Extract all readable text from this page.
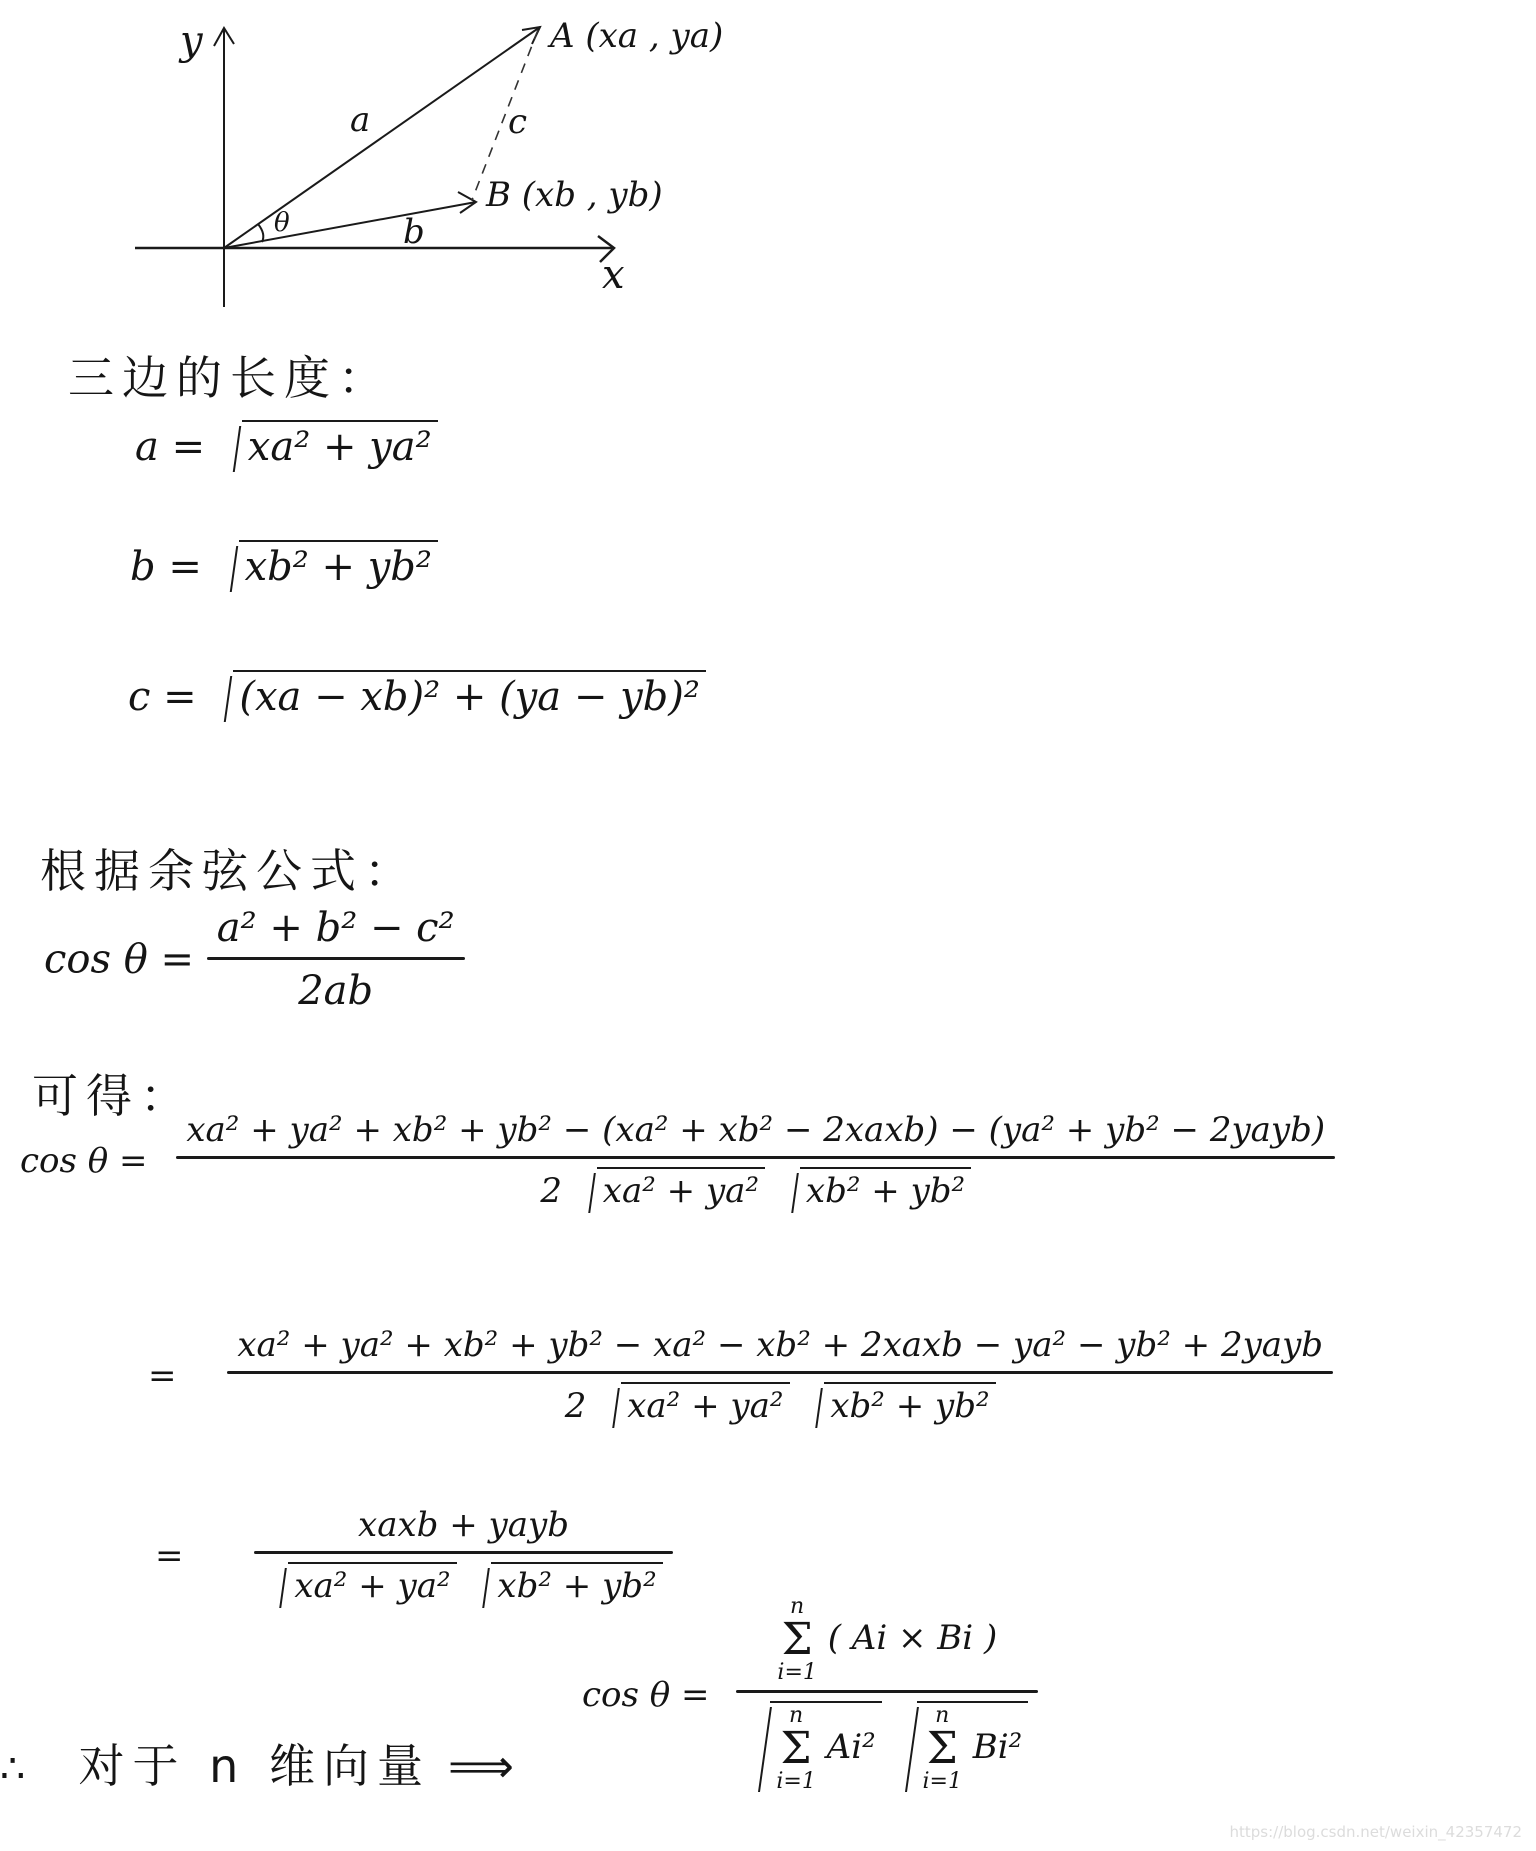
y
x
a	c
b
θ
A (xa , ya)
B (xb , yb)
三边的长度：
a = xa² + ya²
b = xb² + yb²
c = (xa − xb)² + (ya − yb)²
根据余弦公式：
$\cos \theta = \frac{\text{a² + b² − c²}}{2ab}$
可得：
cos θ =
xa² + ya² + xb² + yb² − (xa² + xb² − 2xaxb) − (ya² + yb² − 2yayb)
2 xa² + ya² xb² + yb²
=
xa² + ya² + xb² + yb² − xa² − xb² + 2xaxb − ya² − yb² + 2yayb
2 xa² + ya² xb² + yb²
= $\frac{\text{xaxb + yayb}}{\text{xa² + ya² xb² + yb²}}$
∴ 对于 n 维向量 ⟹
cos θ =
n
Σ
i=1
( Ai × Bi )
n
Σ
i=1
Ai²
n
Σ
i=1
Bi²
https://blog.csdn.net/weixin_42357472
